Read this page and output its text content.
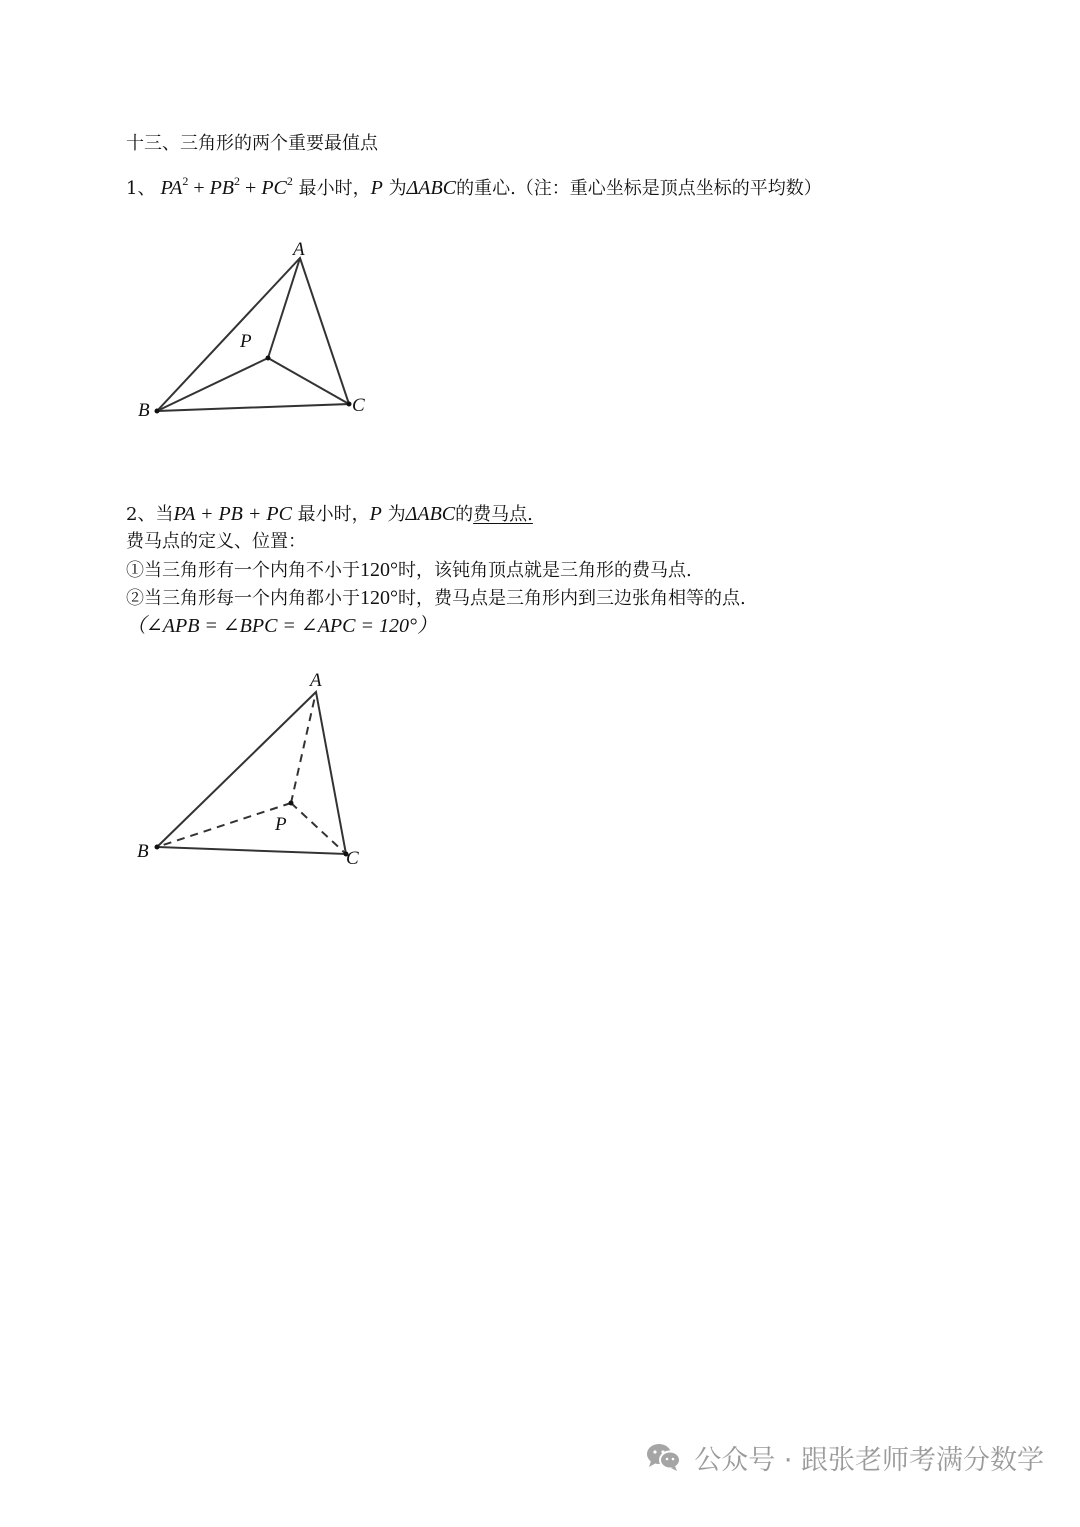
十三、三角形的两个重要最值点
1、 $PA^2 + PB^2 + PC^2$ 最小时，P 为ΔABC的重心.（注：重心坐标是顶点坐标的平均数）
A
B	C
P
2、当PA + PB + PC 最小时，P 为ΔABC的费马点.
费马点的定义、位置：
①当三角形有一个内角不小于120°时，该钝角顶点就是三角形的费马点.
②当三角形每一个内角都小于120°时，费马点是三角形内到三边张角相等的点.
（∠APB = ∠BPC = ∠APC = 120°）
A
B	C
P
公众号 · 跟张老师考满分数学
